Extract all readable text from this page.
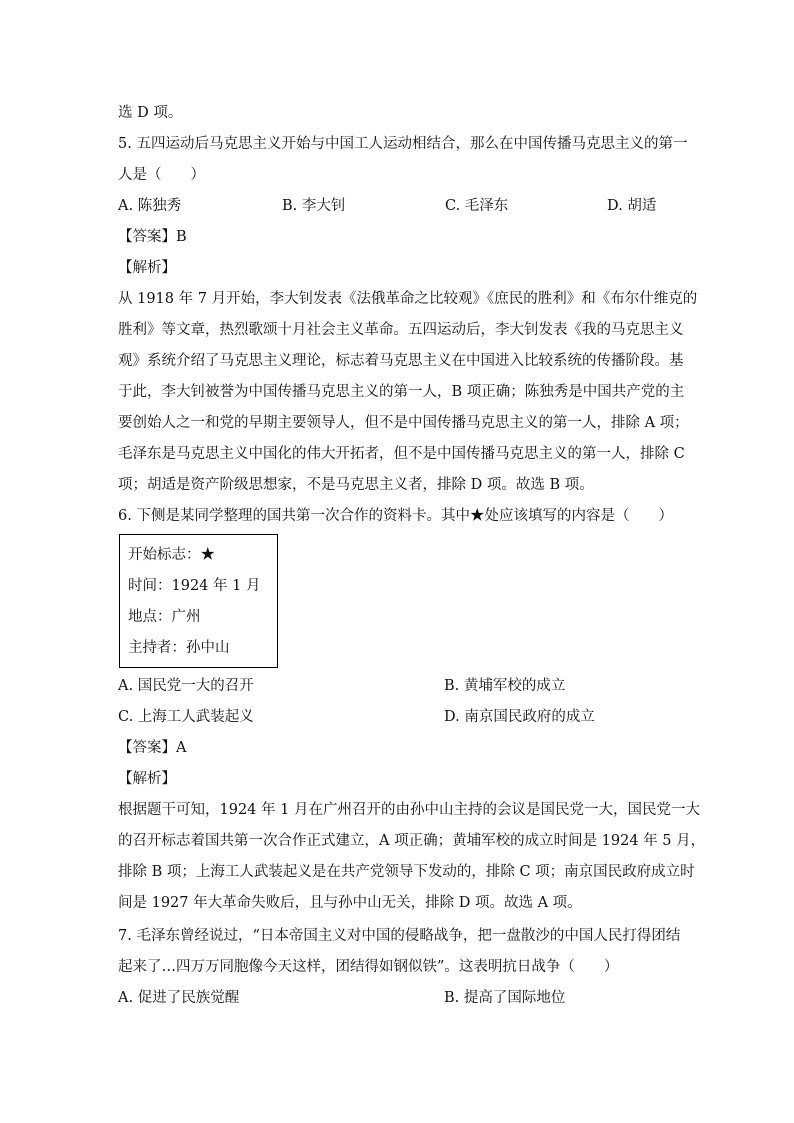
选 D 项。
5. 五四运动后马克思主义开始与中国工人运动相结合，那么在中国传播马克思主义的第一
人是（　　）
A. 陈独秀	B. 李大钊	C. 毛泽东	D. 胡适
【答案】B
【解析】
从 1918 年 7 月开始，李大钊发表《法俄革命之比较观》《庶民的胜利》和《布尔什维克的
胜利》等文章，热烈歌颂十月社会主义革命。五四运动后，李大钊发表《我的马克思主义
观》系统介绍了马克思主义理论，标志着马克思主义在中国进入比较系统的传播阶段。基
于此，李大钊被誉为中国传播马克思主义的第一人，B 项正确；陈独秀是中国共产党的主
要创始人之一和党的早期主要领导人，但不是中国传播马克思主义的第一人，排除 A 项；
毛泽东是马克思主义中国化的伟大开拓者，但不是中国传播马克思主义的第一人，排除 C
项；胡适是资产阶级思想家，不是马克思主义者，排除 D 项。故选 B 项。
6. 下侧是某同学整理的国共第一次合作的资料卡。其中★处应该填写的内容是（　　）
开始标志：★
时间：1924 年 1 月
地点：广州
主持者：孙中山
A. 国民党一大的召开	B. 黄埔军校的成立
C. 上海工人武装起义	D. 南京国民政府的成立
【答案】A
【解析】
根据题干可知，1924 年 1 月在广州召开的由孙中山主持的会议是国民党一大，国民党一大
的召开标志着国共第一次合作正式建立，A 项正确；黄埔军校的成立时间是 1924 年 5 月，
排除 B 项；上海工人武装起义是在共产党领导下发动的，排除 C 项；南京国民政府成立时
间是 1927 年大革命失败后，且与孙中山无关，排除 D 项。故选 A 项。
7. 毛泽东曾经说过，“日本帝国主义对中国的侵略战争，把一盘散沙的中国人民打得团结
起来了…四万万同胞像今天这样，团结得如钢似铁”。这表明抗日战争（　　）
A. 促进了民族觉醒	B. 提高了国际地位
